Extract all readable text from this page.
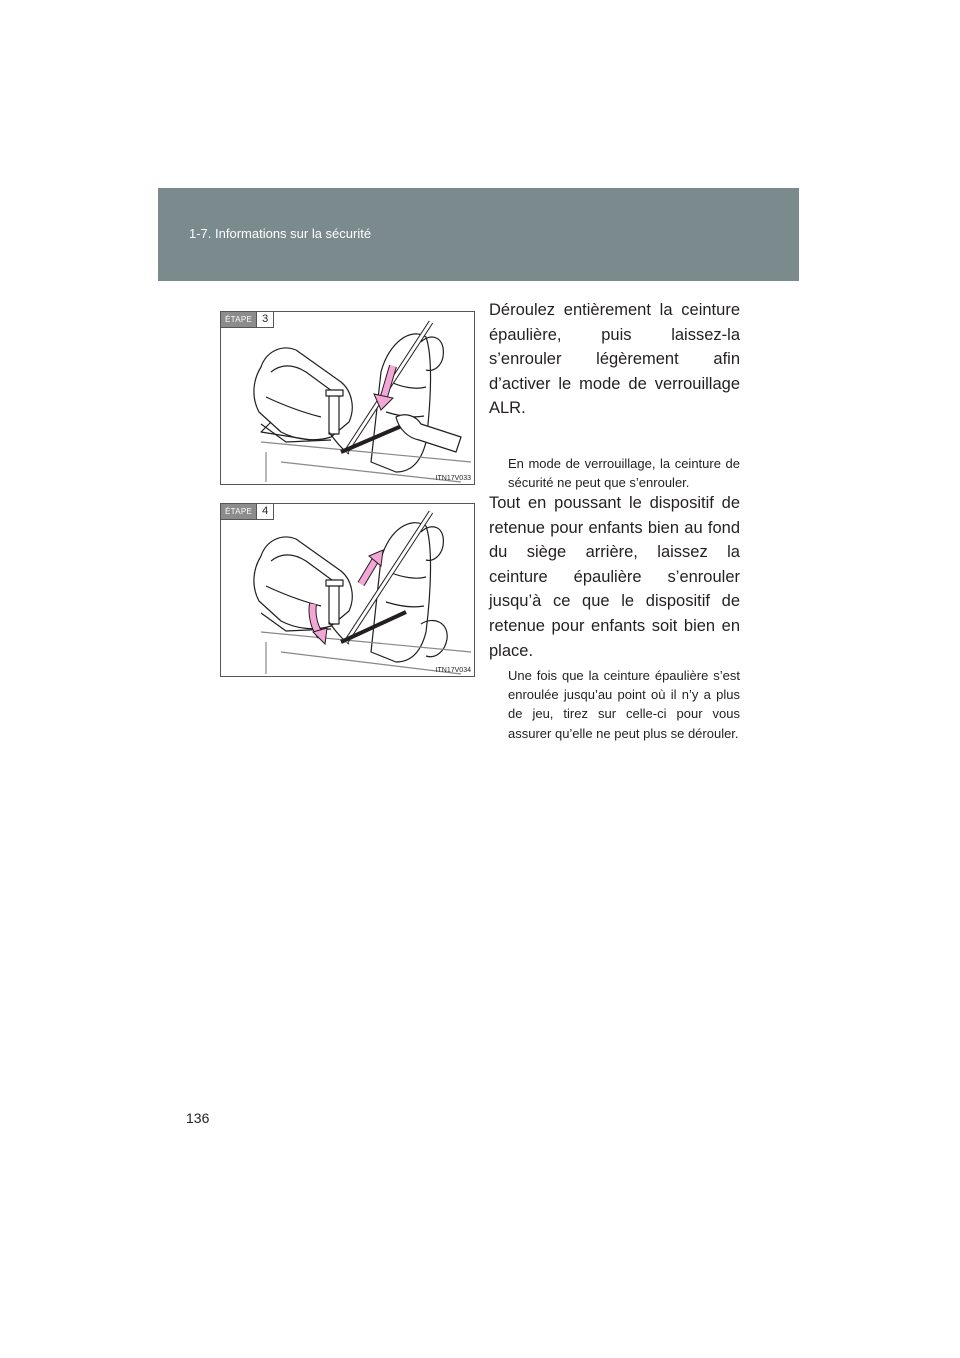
1-7. Informations sur la sécurité
ÉTAPE 3
ITN17V033

Déroulez entièrement la ceinture épaulière, puis laissez-la s’enrouler légèrement afin d’activer le mode de verrouillage ALR.

En mode de verrouillage, la ceinture de sécurité ne peut que s’enrouler.

ÉTAPE 4
ITN17V034

Tout en poussant le dispositif de retenue pour enfants bien au fond du siège arrière, laissez la ceinture épaulière s’enrouler jusqu’à ce que le dispositif de retenue pour enfants soit bien en place.

Une fois que la ceinture épaulière s’est enroulée jusqu’au point où il n’y a plus de jeu, tirez sur celle-ci pour vous assurer qu’elle ne peut plus se dérouler.

136
